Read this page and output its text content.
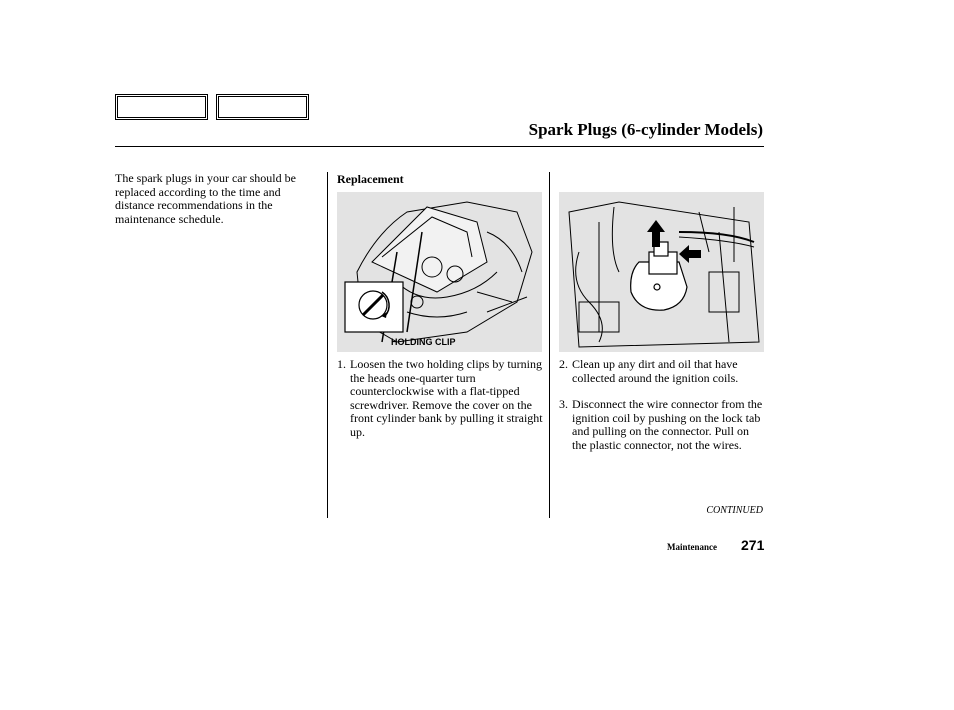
Spark Plugs (6-cylinder Models)
The spark plugs in your car should be replaced according to the time and distance recommendations in the maintenance schedule.
Replacement
HOLDING CLIP
1. Loosen the two holding clips by turning the heads one-quarter turn counterclockwise with a flat-tipped screwdriver. Remove the cover on the front cylinder bank by pulling it straight up.
2. Clean up any dirt and oil that have collected around the ignition coils.
3. Disconnect the wire connector from the ignition coil by pushing on the lock tab and pulling on the connector. Pull on the plastic connector, not the wires.
CONTINUED
Maintenance 271
